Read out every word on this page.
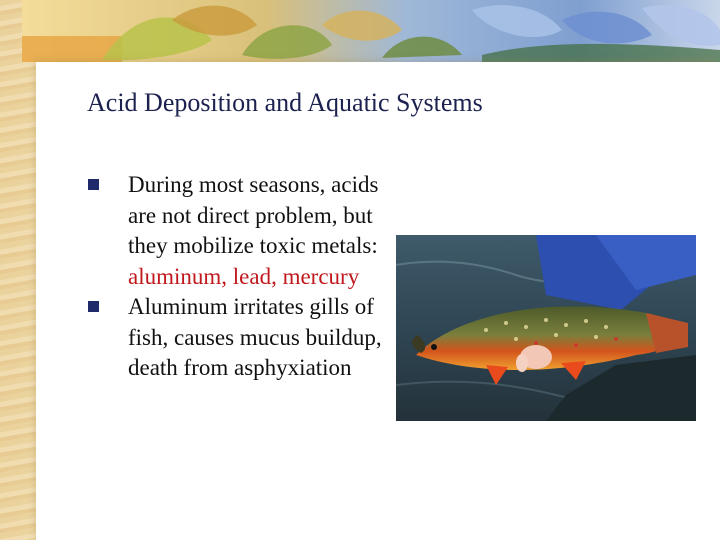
Acid Deposition and Aquatic Systems
During most seasons, acids are not direct problem, but they mobilize toxic metals: aluminum, lead, mercury
Aluminum irritates gills of fish, causes mucus buildup, death from asphyxiation
